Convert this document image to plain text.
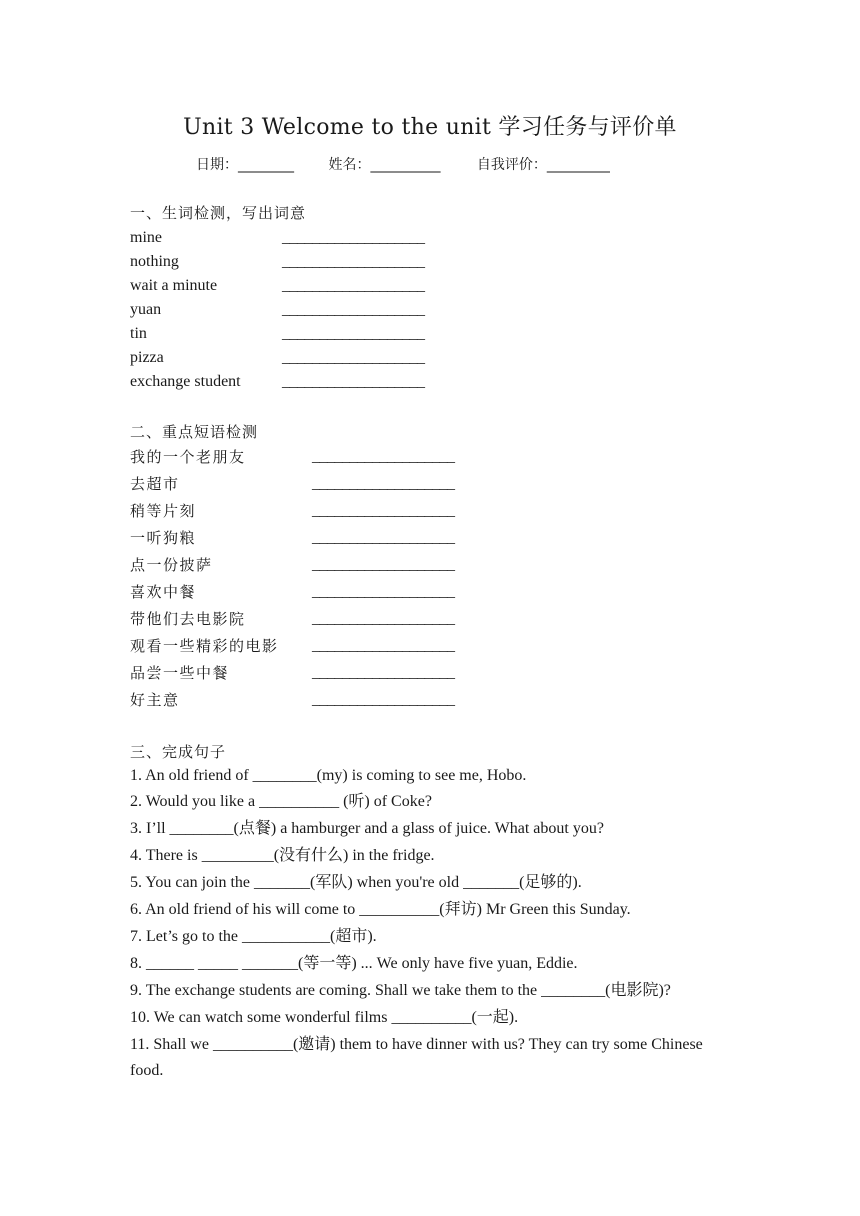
Unit 3 Welcome to the unit 学习任务与评价单
日期：________ 姓名：__________	自我评价：_________
一、生词检测，写出词意
mine	___________________
nothing	___________________
wait a minute	___________________
yuan	___________________
tin	___________________
pizza	___________________
exchange student	___________________
二、重点短语检测
我的一个老朋友	___________________
去超市	___________________
稍等片刻	___________________
一听狗粮	___________________
点一份披萨	___________________
喜欢中餐	___________________
带他们去电影院	___________________
观看一些精彩的电影 ___________________
品尝一些中餐	___________________
好主意	___________________
三、完成句子
1. An old friend of ________(my) is coming to see me, Hobo.
2. Would you like a __________ (听) of Coke?
3. I’ll ________(点餐) a hamburger and a glass of juice. What about you?
4. There is _________(没有什么) in the fridge.
5. You can join the _______(军队) when you're old _______(足够的).
6. An old friend of his will come to __________(拜访) Mr Green this Sunday.
7. Let’s go to the ___________(超市).
8. ______ _____ _______(等一等) ... We only have five yuan, Eddie.
9. The exchange students are coming. Shall we take them to the ________(电影院)?
10. We can watch some wonderful films __________(一起).
11. Shall we __________(邀请) them to have dinner with us? They can try some Chinese food.
